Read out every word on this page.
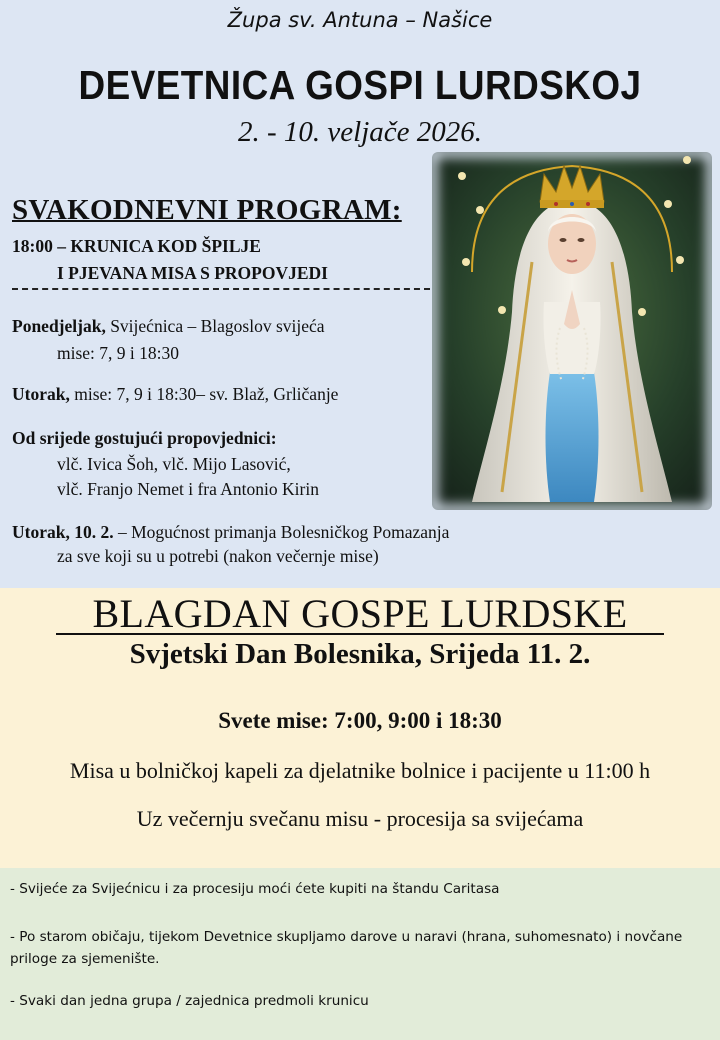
Župa sv. Antuna – Našice
DEVETNICA GOSPI LURDSKOJ
2. - 10. veljače 2026.
SVAKODNEVNI PROGRAM:
18:00 – KRUNICA KOD ŠPILJE
I PJEVANA MISA S PROPOVJEDI
Ponedjeljak, Svijećnica – Blagoslov svijeća
mise: 7, 9 i 18:30
Utorak, mise: 7, 9 i 18:30– sv. Blaž, Grličanje
Od srijede gostujući propovjednici:
vlč. Ivica Šoh, vlč. Mijo Lasović,
vlč. Franjo Nemet i fra Antonio Kirin
Utorak, 10. 2. – Mogućnost primanja Bolesničkog Pomazanja
za sve koji su u potrebi (nakon večernje mise)
BLAGDAN GOSPE LURDSKE
Svjetski Dan Bolesnika, Srijeda 11. 2.
Svete mise: 7:00, 9:00 i 18:30
Misa u bolničkoj kapeli za djelatnike bolnice i pacijente u 11:00 h
Uz večernju svečanu misu - procesija sa svijećama
- Svijeće za Svijećnicu i za procesiju moći ćete kupiti na štandu Caritasa
- Po starom običaju, tijekom Devetnice skupljamo darove u naravi (hrana, suhomesnato) i novčane priloge za sjemenište.
- Svaki dan jedna grupa / zajednica predmoli krunicu
